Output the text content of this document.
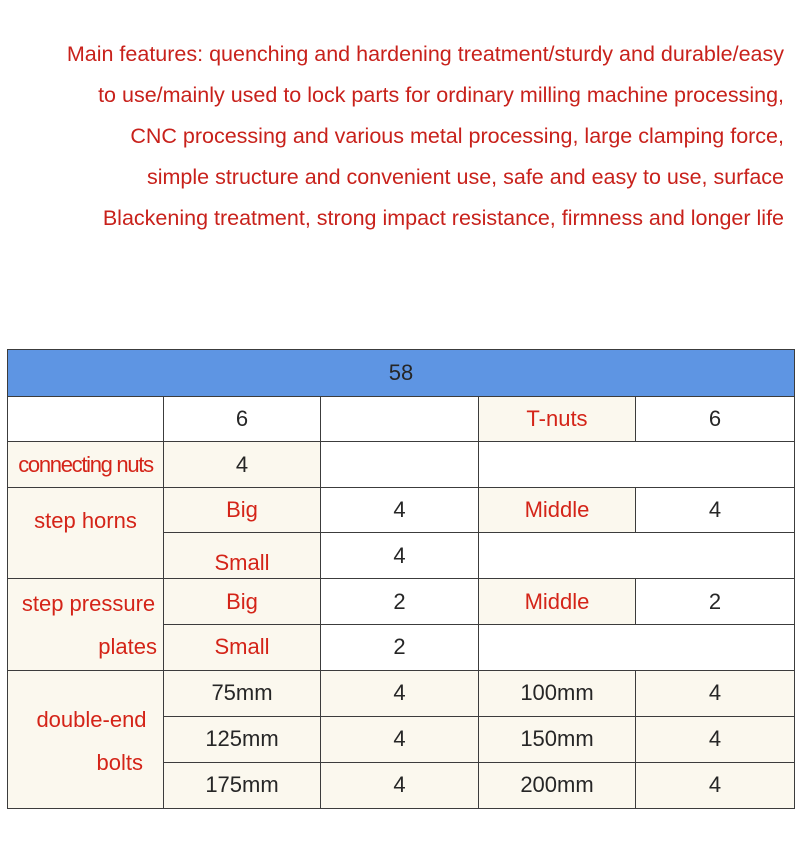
Main features: quenching and hardening treatment/sturdy and durable/easy
to use/mainly used to lock parts for ordinary milling machine processing,
CNC processing and various metal processing, large clamping force,
simple structure and convenient use, safe and easy to use, surface
Blackening treatment, strong impact resistance, firmness and longer life
58				
	6		T-nuts	6
connecting nuts	4			
step horns	Big	4	Middle	4
	Small	4		

step pressure
plates	Big	2	Middle	2
	Small	2		

double-end
bolts	75mm	4	100mm	4
	125mm	4	150mm	4
	175mm	4	200mm	4
